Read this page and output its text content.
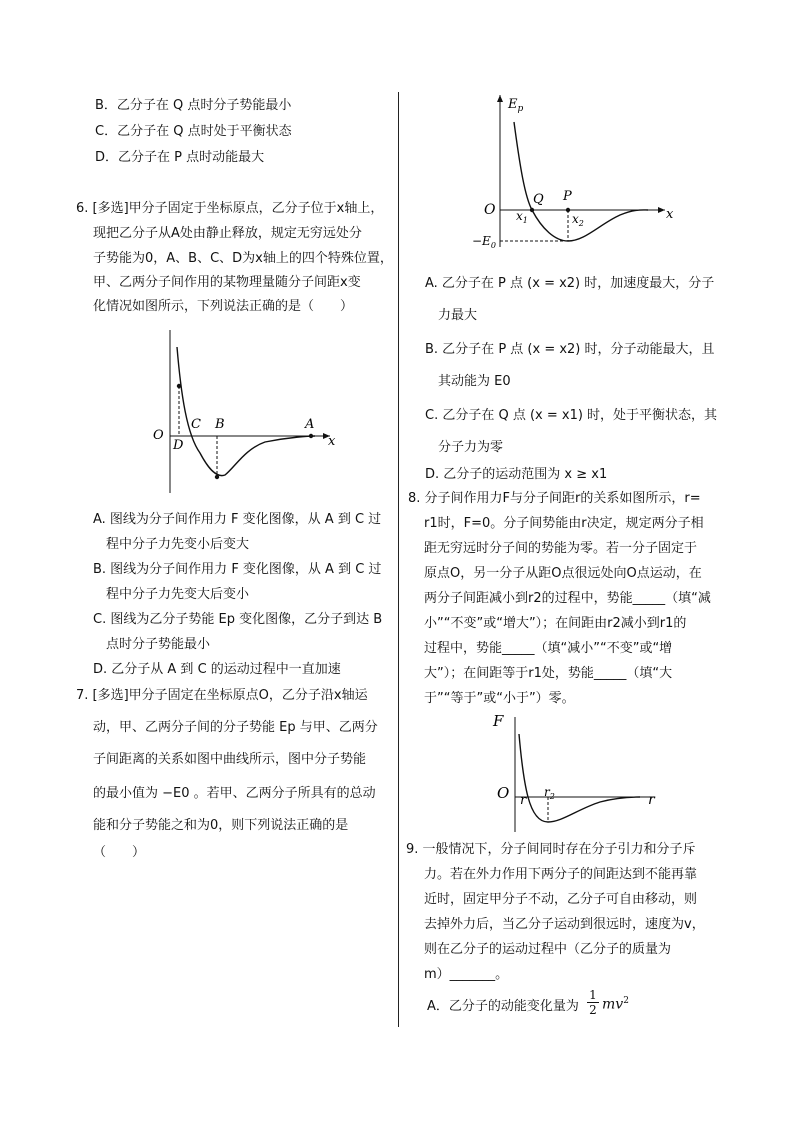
B．乙分子在 Q 点时分子势能最小
C．乙分子在 Q 点时处于平衡状态
D．乙分子在 P 点时动能最大
6. [多选]甲分子固定于坐标原点，乙分子位于x轴上，
现把乙分子从A处由静止释放，规定无穷远处分
子势能为0，A、B、C、D为x轴上的四个特殊位置，
甲、乙两分子间作用的某物理量随分子间距x变
化情况如图所示，下列说法正确的是（　　）
O
C B	A
D	x
A. 图线为分子间作用力 F 变化图像，从 A 到 C 过
　程中分子力先变小后变大
B. 图线为分子间作用力 F 变化图像，从 A 到 C 过
　程中分子力先变大后变小
C. 图线为乙分子势能 Ep 变化图像，乙分子到达 B
　点时分子势能最小
D. 乙分子从 A 到 C 的运动过程中一直加速
7. [多选]甲分子固定在坐标原点O，乙分子沿x轴运
动，甲、乙两分子间的分子势能 Ep 与甲、乙两分
子间距离的关系如图中曲线所示，图中分子势能
的最小值为 −E0 。若甲、乙两分子所具有的总动
能和分子势能之和为0，则下列说法正确的是
（　　）
$E_p$
O
Q P
$x_1$	$x_2$
x
$-E_0$
A. 乙分子在 P 点 (x = x2) 时，加速度最大，分子
　力最大
B. 乙分子在 P 点 (x = x2) 时，分子动能最大，且
　其动能为 E0
C. 乙分子在 Q 点 (x = x1) 时，处于平衡状态，其
　分子力为零
D. 乙分子的运动范围为 x ≥ x1
8. 分子间作用力F与分子间距r的关系如图所示，r=
r1时，F=0。分子间势能由r决定，规定两分子相
距无穷远时分子间的势能为零。若一分子固定于
原点O，另一分子从距O点很远处向O点运动，在
两分子间距减小到r2的过程中，势能_____（填“减
小”“不变”或“增大”）；在间距由r2减小到r1的
过程中，势能_____（填“减小”“不变”或“增
大”）；在间距等于r1处，势能_____（填“大
于”“等于”或“小于”）零。
F
O r
$r_2$	r
9. 一般情况下，分子间同时存在分子引力和分子斥
力。若在外力作用下两分子的间距达到不能再靠
近时，固定甲分子不动，乙分子可自由移动，则
去掉外力后，当乙分子运动到很远时，速度为v，
则在乙分子的运动过程中（乙分子的质量为
m）_______。
A．乙分子的动能变化量为 $\frac{1}{2} mv^2$
